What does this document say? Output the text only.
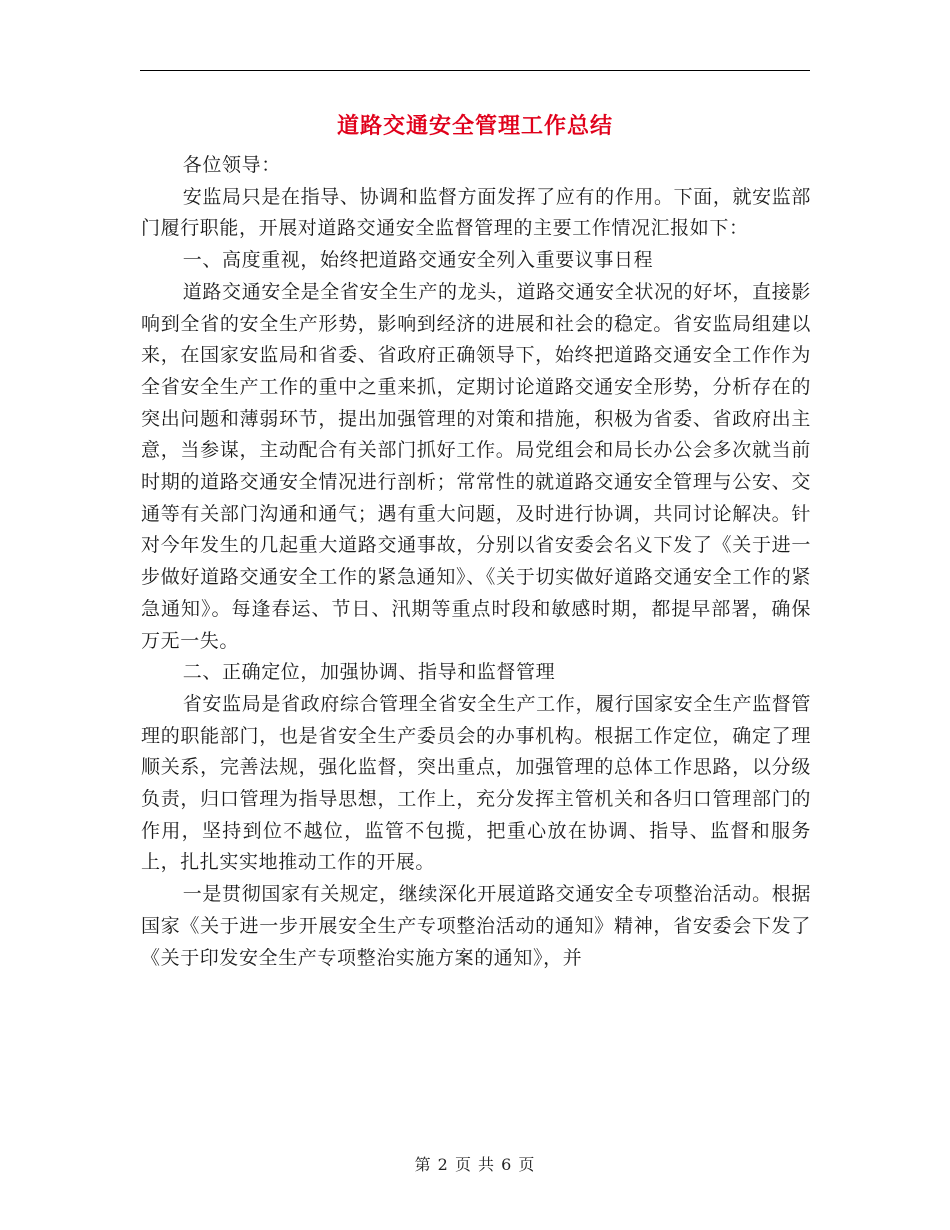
道路交通安全管理工作总结

各位领导：

安监局只是在指导、协调和监督方面发挥了应有的作用。下面，就安监部门履行职能，开展对道路交通安全监督管理的主要工作情况汇报如下：

一、高度重视，始终把道路交通安全列入重要议事日程

道路交通安全是全省安全生产的龙头，道路交通安全状况的好坏，直接影响到全省的安全生产形势，影响到经济的进展和社会的稳定。省安监局组建以来，在国家安监局和省委、省政府正确领导下，始终把道路交通安全工作作为全省安全生产工作的重中之重来抓，定期讨论道路交通安全形势，分析存在的突出问题和薄弱环节，提出加强管理的对策和措施，积极为省委、省政府出主意，当参谋，主动配合有关部门抓好工作。局党组会和局长办公会多次就当前时期的道路交通安全情况进行剖析；常常性的就道路交通安全管理与公安、交通等有关部门沟通和通气；遇有重大问题，及时进行协调，共同讨论解决。针对今年发生的几起重大道路交通事故，分别以省安委会名义下发了《关于进一步做好道路交通安全工作的紧急通知》、《关于切实做好道路交通安全工作的紧急通知》。每逢春运、节日、汛期等重点时段和敏感时期，都提早部署，确保万无一失。

二、正确定位，加强协调、指导和监督管理

省安监局是省政府综合管理全省安全生产工作，履行国家安全生产监督管理的职能部门，也是省安全生产委员会的办事机构。根据工作定位，确定了理顺关系，完善法规，强化监督，突出重点，加强管理的总体工作思路，以分级负责，归口管理为指导思想，工作上，充分发挥主管机关和各归口管理部门的作用，坚持到位不越位，监管不包揽，把重心放在协调、指导、监督和服务上，扎扎实实地推动工作的开展。

一是贯彻国家有关规定，继续深化开展道路交通安全专项整治活动。根据国家《关于进一步开展安全生产专项整治活动的通知》精神，省安委会下发了《关于印发安全生产专项整治实施方案的通知》，并

第 2 页 共 6 页
